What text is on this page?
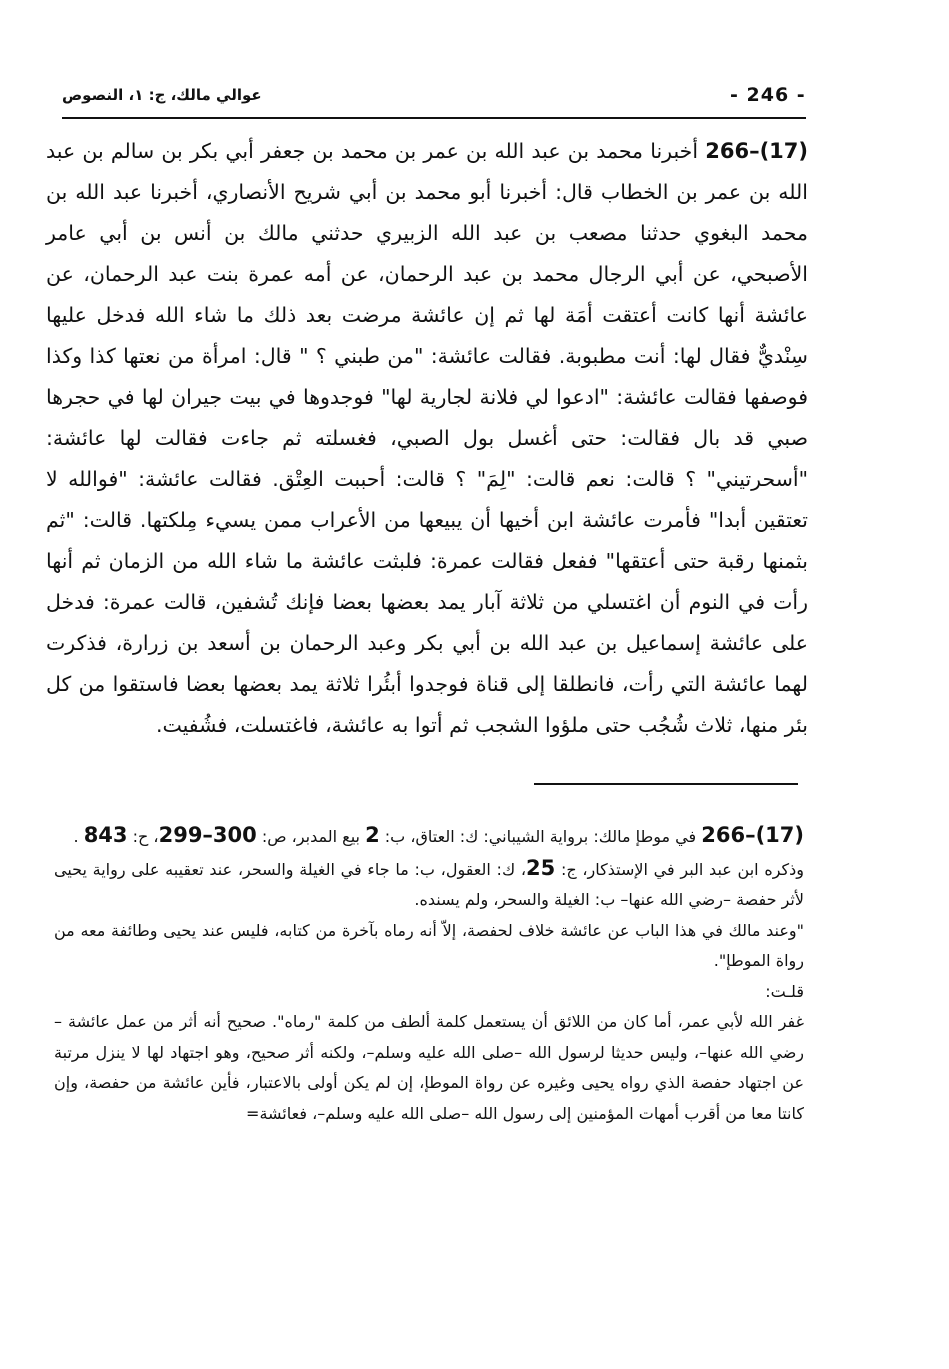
- 246 -
عوالي مالك، ج: ١، النصوص

266–(17) أخبرنا محمد بن عبد الله بن عمر بن محمد بن جعفر أبي بكر بن سالم بن عبد الله بن عمر بن الخطاب قال: أخبرنا أبو محمد بن أبي شريح الأنصاري، أخبرنا عبد الله بن محمد البغوي حدثنا مصعب بن عبد الله الزبيري حدثني مالك بن أنس بن أبي عامر الأصبحي، عن أبي الرجال محمد بن عبد الرحمان، عن أمه عمرة بنت عبد الرحمان، عن عائشة أنها كانت أعتقت أمَة لها ثم إن عائشة مرضت بعد ذلك ما شاء الله فدخل عليها سِنْديٌّ فقال لها: أنت مطبوبة. فقالت عائشة: "من طبني ؟ " قال: امرأة من نعتها كذا وكذا فوصفها فقالت عائشة: "ادعوا لي فلانة لجارية لها" فوجدوها في بيت جيران لها في حجرها صبي قد بال فقالت: حتى أغسل بول الصبي، فغسلته ثم جاءت فقالت لها عائشة: "أسحرتيني" ؟ قالت: نعم قالت: "لِمَ" ؟ قالت: أحببت العِتْق. فقالت عائشة: "فوالله لا تعتقين أبدا" فأمرت عائشة ابن أخيها أن يبيعها من الأعراب ممن يسيء مِلكتها. قالت: "ثم بثمنها رقبة حتى أعتقها" ففعل فقالت عمرة: فلبثت عائشة ما شاء الله من الزمان ثم أنها رأت في النوم أن اغتسلي من ثلاثة آبار يمد بعضها بعضا فإنك تُشفين، قالت عمرة: فدخل على عائشة إسماعيل بن عبد الله بن أبي بكر وعبد الرحمان بن أسعد بن زرارة، فذكرت لهما عائشة التي رأت، فانطلقا إلى قناة فوجدوا أبئُرا ثلاثة يمد بعضها بعضا فاستقوا من كل بئر منها، ثلاث شُجُب حتى ملؤوا الشجب ثم أتوا به عائشة، فاغتسلت، فشُفيت.

266–(17) في موطإ مالك: برواية الشيباني: ك: العتاق، ب: 2 بيع المدبر، ص: 299–300، ح: 843 .

وذكره ابن عبد البر في الإستذكار، ج: 25، ك: العقول، ب: ما جاء في الغيلة والسحر، عند تعقيبه على رواية يحيى لأثر حفصة –رضي الله عنها– ب: الغيلة والسحر، ولم يسنده.

"وعند مالك في هذا الباب عن عائشة خلاف لحفصة، إلاّ أنه رماه بآخرة من كتابه، فليس عند يحيى وطائفة معه من رواة الموطإ".

قلـت:

غفر الله لأبي عمر، أما كان من اللائق أن يستعمل كلمة ألطف من كلمة "رماه". صحيح أنه أثر من عمل عائشة –رضي الله عنها–، وليس حديثا لرسول الله –صلى الله عليه وسلم–، ولكنه أثر صحيح، وهو اجتهاد لها لا ينزل مرتبة عن اجتهاد حفصة الذي رواه يحيى وغيره عن رواة الموطإ، إن لم يكن أولى بالاعتبار، فأين عائشة من حفصة، وإن كانتا معا من أقرب أمهات المؤمنين إلى رسول الله –صلى الله عليه وسلم–، فعائشة=
